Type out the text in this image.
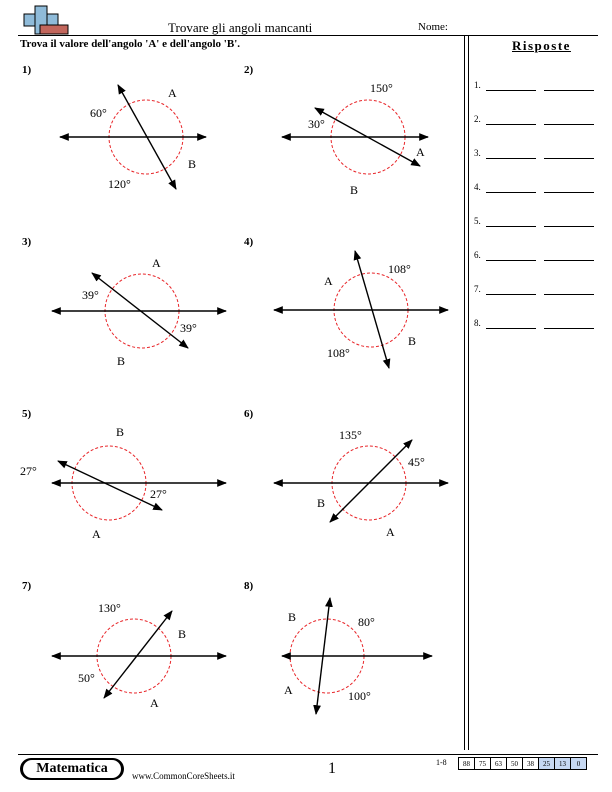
Trovare gli angoli mancanti	Nome:
Trova il valore dell'angolo 'A' e dell'angolo 'B'.	Risposte
1.
2.
3.
4.
5.
6.
7.
8.
1)	2)
3)	4)
5)	6)
7)	8)
60°
120°
A
B
150°
30°
A
B
39°
39°
A
B
108°
108°
A
B
27°
27°
A
B	135°
45°
A
B
130°
50°
A
B
80°
100°
A
B
Matematica	www.CommonCoreSheets.it	1	1-8	88	75	63	50	38	25	13	0
